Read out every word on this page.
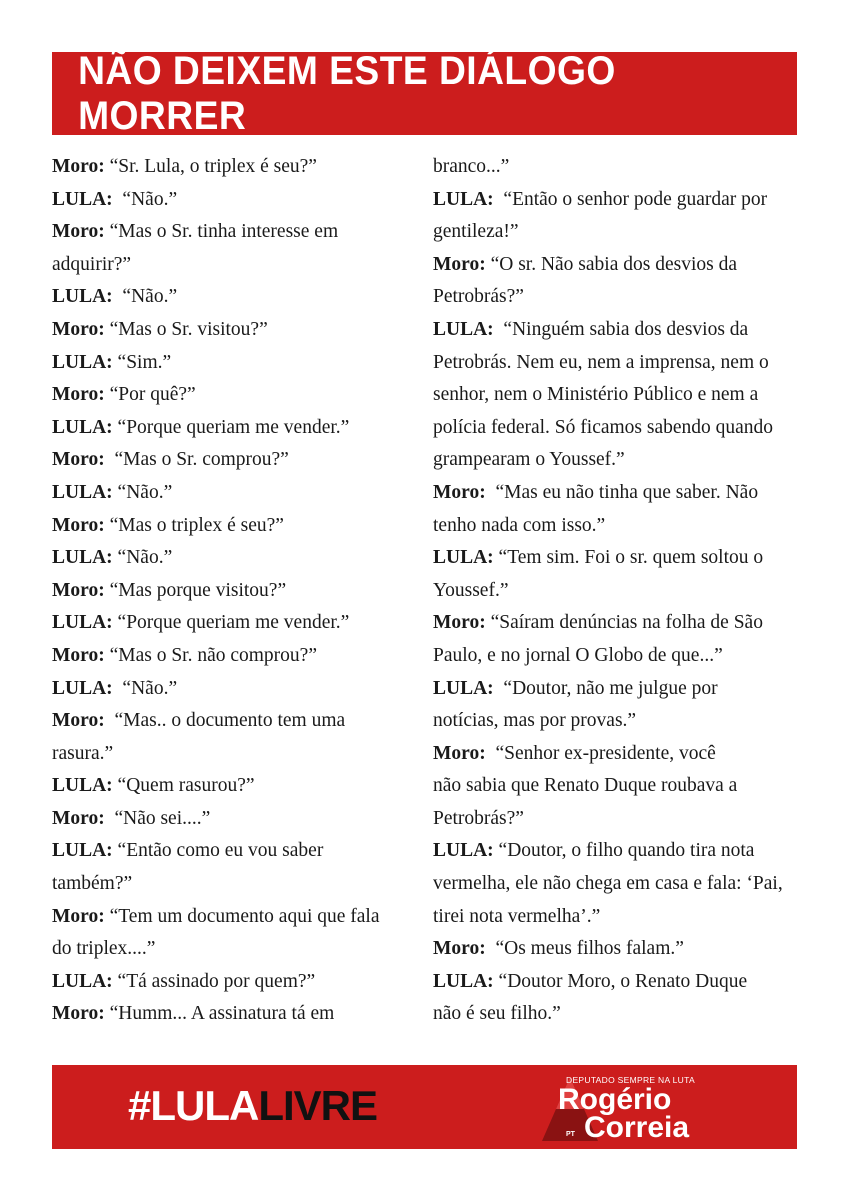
NÃO DEIXEM ESTE DIÁLOGO MORRER
Moro: “Sr. Lula, o triplex é seu?”
LULA:  “Não.”
Moro: “Mas o Sr. tinha interesse em
adquirir?”
LULA:  “Não.”
Moro: “Mas o Sr. visitou?”
LULA: “Sim.”
Moro: “Por quê?”
LULA: “Porque queriam me vender.”
Moro:  “Mas o Sr. comprou?”
LULA: “Não.”
Moro: “Mas o triplex é seu?”
LULA: “Não.”
Moro: “Mas porque visitou?”
LULA: “Porque queriam me vender.”
Moro: “Mas o Sr. não comprou?”
LULA:  “Não.”
Moro:  “Mas.. o documento tem uma
rasura.”
LULA: “Quem rasurou?”
Moro:  “Não sei....”
LULA: “Então como eu vou saber
também?”
Moro: “Tem um documento aqui que fala
do triplex....”
LULA: “Tá assinado por quem?”
Moro: “Humm... A assinatura tá em
branco...”
LULA:  “Então o senhor pode guardar por
gentileza!”
Moro: “O sr. Não sabia dos desvios da
Petrobrás?”
LULA:  “Ninguém sabia dos desvios da
Petrobrás. Nem eu, nem a imprensa, nem o
senhor, nem o Ministério Público e nem a
polícia federal. Só ficamos sabendo quando
grampearam o Youssef.”
Moro:  “Mas eu não tinha que saber. Não
tenho nada com isso.”
LULA: “Tem sim. Foi o sr. quem soltou o
Youssef.”
Moro: “Saíram denúncias na folha de São
Paulo, e no jornal O Globo de que...”
LULA:  “Doutor, não me julgue por
notícias, mas por provas.”
Moro:  “Senhor ex-presidente, você
não sabia que Renato Duque roubava a
Petrobrás?”
LULA: “Doutor, o filho quando tira nota
vermelha, ele não chega em casa e fala: ‘Pai,
tirei nota vermelha’.”
Moro:  “Os meus filhos falam.”
LULA: “Doutor Moro, o Renato Duque
não é seu filho.”
#LULALIVRE
DEPUTADO SEMPRE NA LUTA
Rogério
Correia
PT
